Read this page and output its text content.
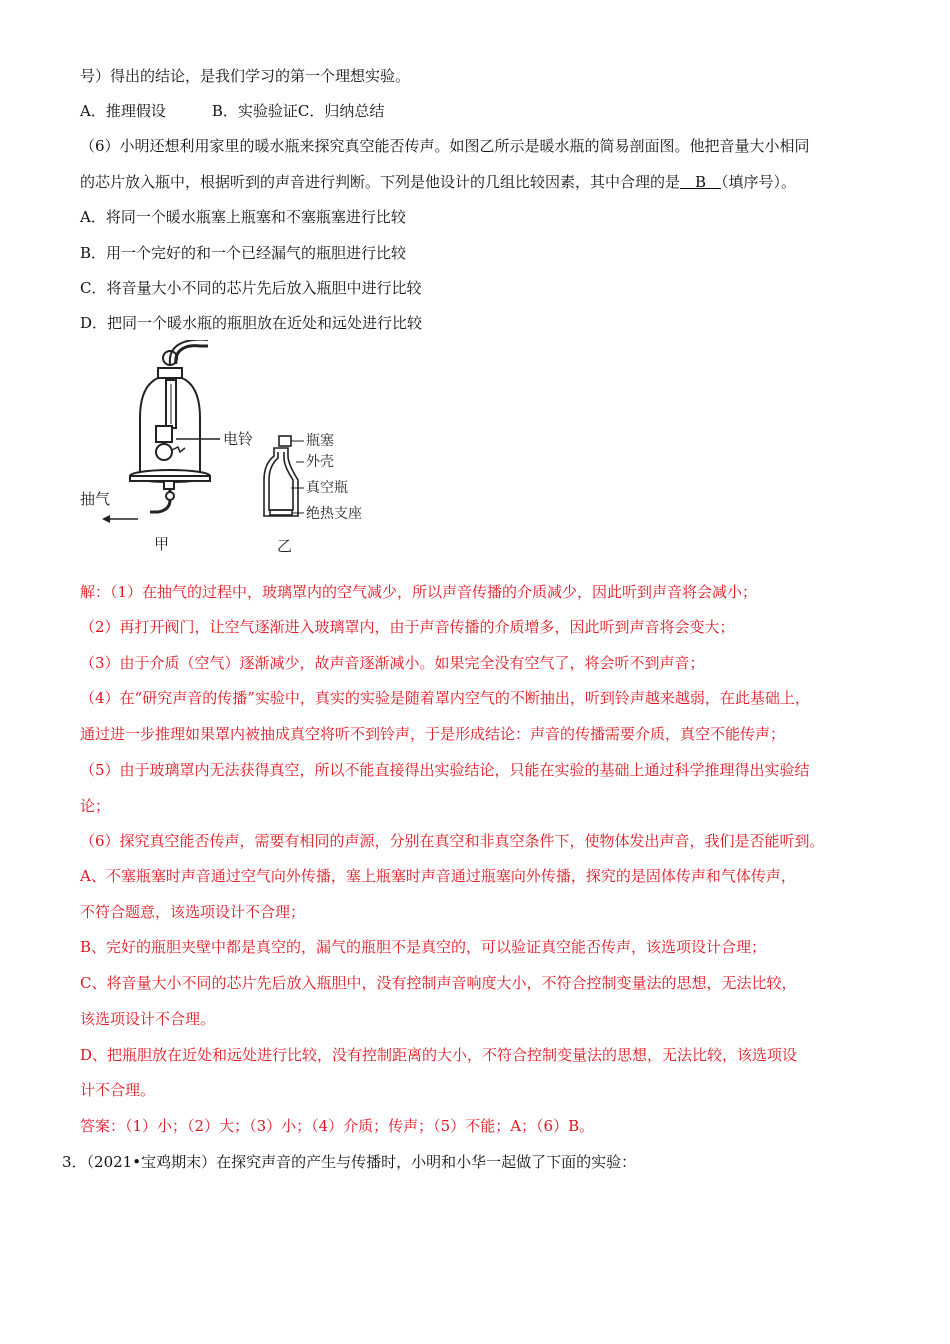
号）得出的结论，是我们学习的第一个理想实验。
A．推理假设	B．实验验证C．归纳总结
（6）小明还想利用家里的暖水瓶来探究真空能否传声。如图乙所示是暖水瓶的简易剖面图。他把音量大小相同
的芯片放入瓶中，根据听到的声音进行判断。下列是他设计的几组比较因素，其中合理的是　B　（填序号）。
A．将同一个暖水瓶塞上瓶塞和不塞瓶塞进行比较
B．用一个完好的和一个已经漏气的瓶胆进行比较
C．将音量大小不同的芯片先后放入瓶胆中进行比较
D．把同一个暖水瓶的瓶胆放在近处和远处进行比较
电铃
抽气
甲
瓶塞
外壳
真空瓶
绝热支座
乙
解：（1）在抽气的过程中，玻璃罩内的空气减少，所以声音传播的介质减少，因此听到声音将会减小；
（2）再打开阀门，让空气逐渐进入玻璃罩内，由于声音传播的介质增多，因此听到声音将会变大；
（3）由于介质（空气）逐渐减少，故声音逐渐减小。如果完全没有空气了，将会听不到声音；
（4）在“研究声音的传播”实验中，真实的实验是随着罩内空气的不断抽出，听到铃声越来越弱，在此基础上，
通过进一步推理如果罩内被抽成真空将听不到铃声，于是形成结论：声音的传播需要介质，真空不能传声；
（5）由于玻璃罩内无法获得真空，所以不能直接得出实验结论，只能在实验的基础上通过科学推理得出实验结
论；
（6）探究真空能否传声，需要有相同的声源，分别在真空和非真空条件下，使物体发出声音，我们是否能听到。
A、不塞瓶塞时声音通过空气向外传播，塞上瓶塞时声音通过瓶塞向外传播，探究的是固体传声和气体传声，
不符合题意，该选项设计不合理；
B、完好的瓶胆夹壁中都是真空的，漏气的瓶胆不是真空的，可以验证真空能否传声，该选项设计合理；
C、将音量大小不同的芯片先后放入瓶胆中，没有控制声音响度大小，不符合控制变量法的思想，无法比较，
该选项设计不合理。
D、把瓶胆放在近处和远处进行比较，没有控制距离的大小，不符合控制变量法的思想，无法比较，该选项设
计不合理。
答案：（1）小；（2）大；（3）小；（4）介质；传声；（5）不能；A；（6）B。
3．（2021•宝鸡期末）在探究声音的产生与传播时，小明和小华一起做了下面的实验：
